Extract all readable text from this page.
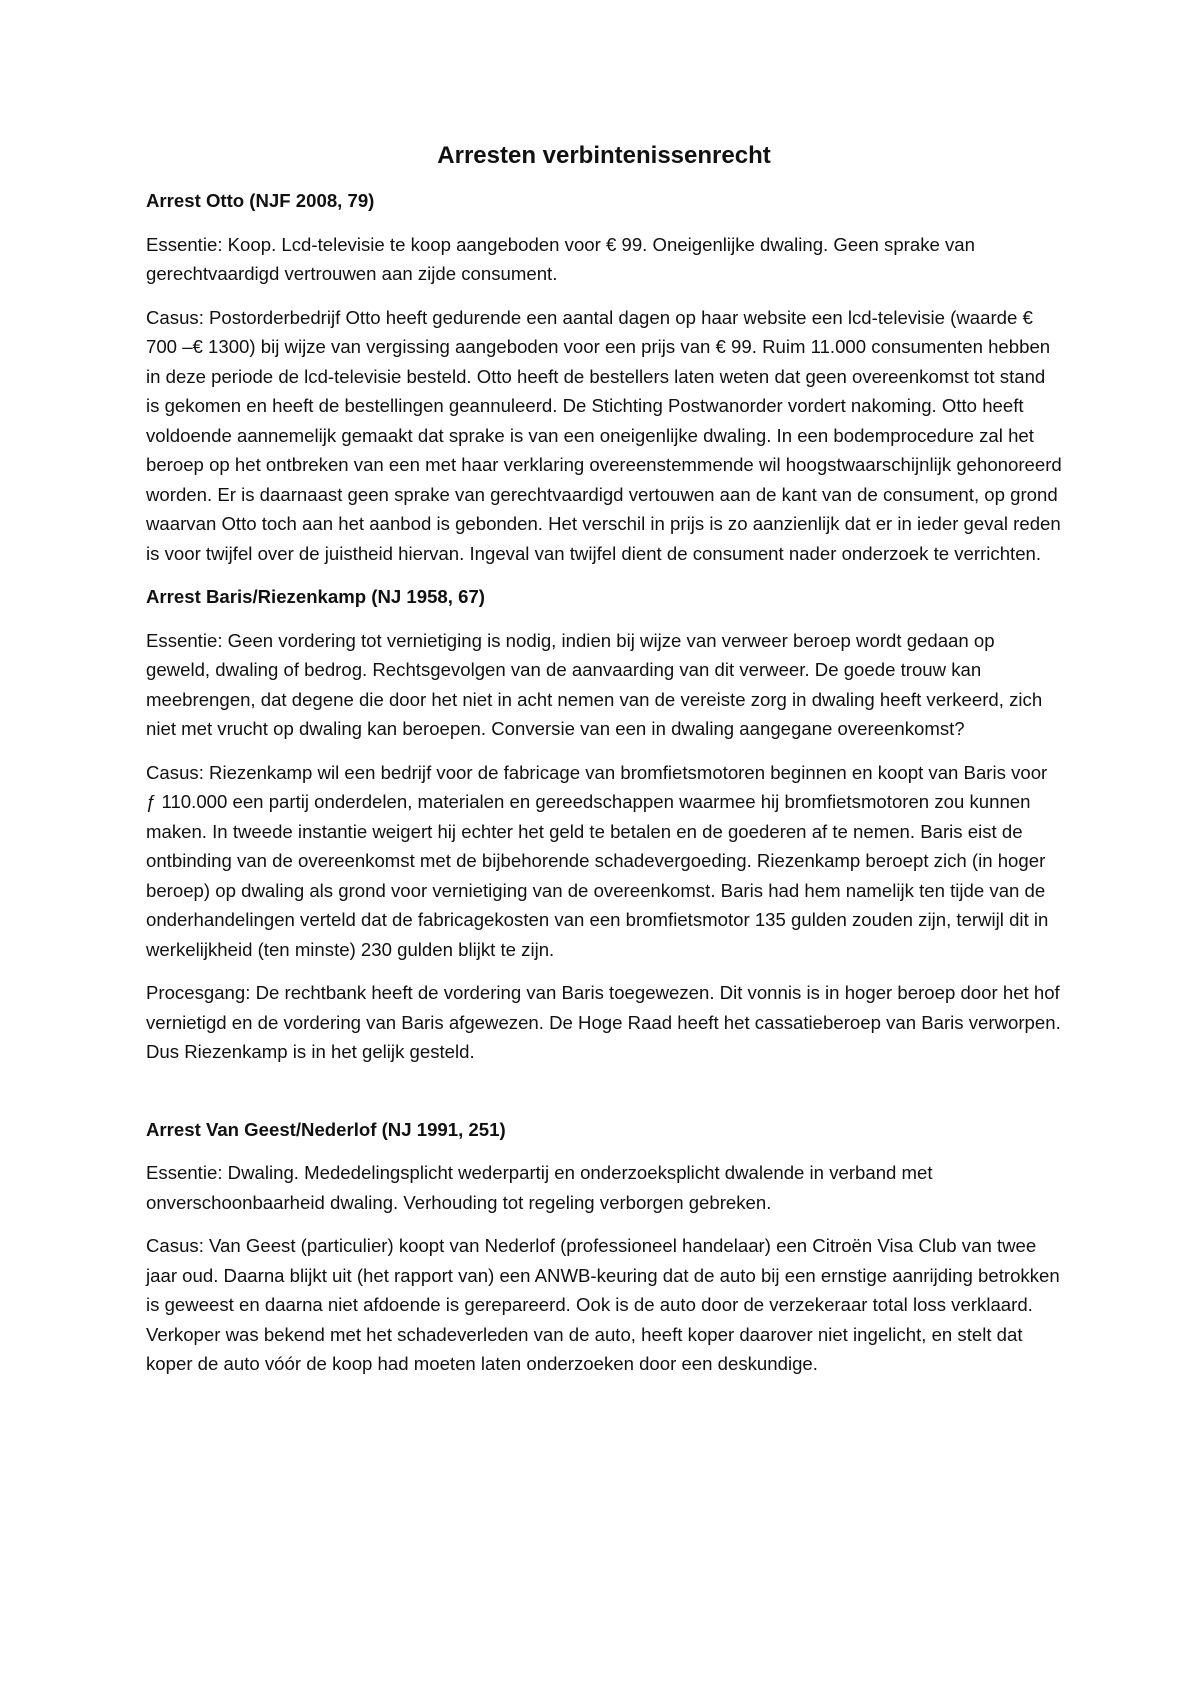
Arresten verbintenissenrecht
Arrest Otto (NJF 2008, 79)

Essentie: Koop. Lcd-televisie te koop aangeboden voor € 99. Oneigenlijke dwaling. Geen sprake van gerechtvaardigd vertrouwen aan zijde consument.

Casus: Postorderbedrijf Otto heeft gedurende een aantal dagen op haar website een lcd-televisie (waarde € 700 –€ 1300) bij wijze van vergissing aangeboden voor een prijs van € 99. Ruim 11.000 consumenten hebben in deze periode de lcd-televisie besteld. Otto heeft de bestellers laten weten dat geen overeenkomst tot stand is gekomen en heeft de bestellingen geannuleerd. De Stichting Postwanorder vordert nakoming. Otto heeft voldoende aannemelijk gemaakt dat sprake is van een oneigenlijke dwaling. In een bodemprocedure zal het beroep op het ontbreken van een met haar verklaring overeenstemmende wil hoogstwaarschijnlijk gehonoreerd worden. Er is daarnaast geen sprake van gerechtvaardigd vertouwen aan de kant van de consument, op grond waarvan Otto toch aan het aanbod is gebonden. Het verschil in prijs is zo aanzienlijk dat er in ieder geval reden is voor twijfel over de juistheid hiervan. Ingeval van twijfel dient de consument nader onderzoek te verrichten.

Arrest Baris/Riezenkamp (NJ 1958, 67)

Essentie: Geen vordering tot vernietiging is nodig, indien bij wijze van verweer beroep wordt gedaan op geweld, dwaling of bedrog. Rechtsgevolgen van de aanvaarding van dit verweer. De goede trouw kan meebrengen, dat degene die door het niet in acht nemen van de vereiste zorg in dwaling heeft verkeerd, zich niet met vrucht op dwaling kan beroepen. Conversie van een in dwaling aangegane overeenkomst?

Casus: Riezenkamp wil een bedrijf voor de fabricage van bromfietsmotoren beginnen en koopt van Baris voor ƒ 110.000 een partij onderdelen, materialen en gereedschappen waarmee hij bromfietsmotoren zou kunnen maken. In tweede instantie weigert hij echter het geld te betalen en de goederen af te nemen. Baris eist de ontbinding van de overeenkomst met de bijbehorende schadevergoeding. Riezenkamp beroept zich (in hoger beroep) op dwaling als grond voor vernietiging van de overeenkomst. Baris had hem namelijk ten tijde van de onderhandelingen verteld dat de fabricagekosten van een bromfietsmotor 135 gulden zouden zijn, terwijl dit in werkelijkheid (ten minste) 230 gulden blijkt te zijn.

Procesgang: De rechtbank heeft de vordering van Baris toegewezen. Dit vonnis is in hoger beroep door het hof vernietigd en de vordering van Baris afgewezen. De Hoge Raad heeft het cassatieberoep van Baris verworpen. Dus Riezenkamp is in het gelijk gesteld.

Arrest Van Geest/Nederlof (NJ 1991, 251)

Essentie: Dwaling. Mededelingsplicht wederpartij en onderzoeksplicht dwalende in verband met onverschoonbaarheid dwaling. Verhouding tot regeling verborgen gebreken.

Casus: Van Geest (particulier) koopt van Nederlof (professioneel handelaar) een Citroën Visa Club van twee jaar oud. Daarna blijkt uit (het rapport van) een ANWB-keuring dat de auto bij een ernstige aanrijding betrokken is geweest en daarna niet afdoende is gerepareerd. Ook is de auto door de verzekeraar total loss verklaard. Verkoper was bekend met het schadeverleden van de auto, heeft koper daarover niet ingelicht, en stelt dat koper de auto vóór de koop had moeten laten onderzoeken door een deskundige.
